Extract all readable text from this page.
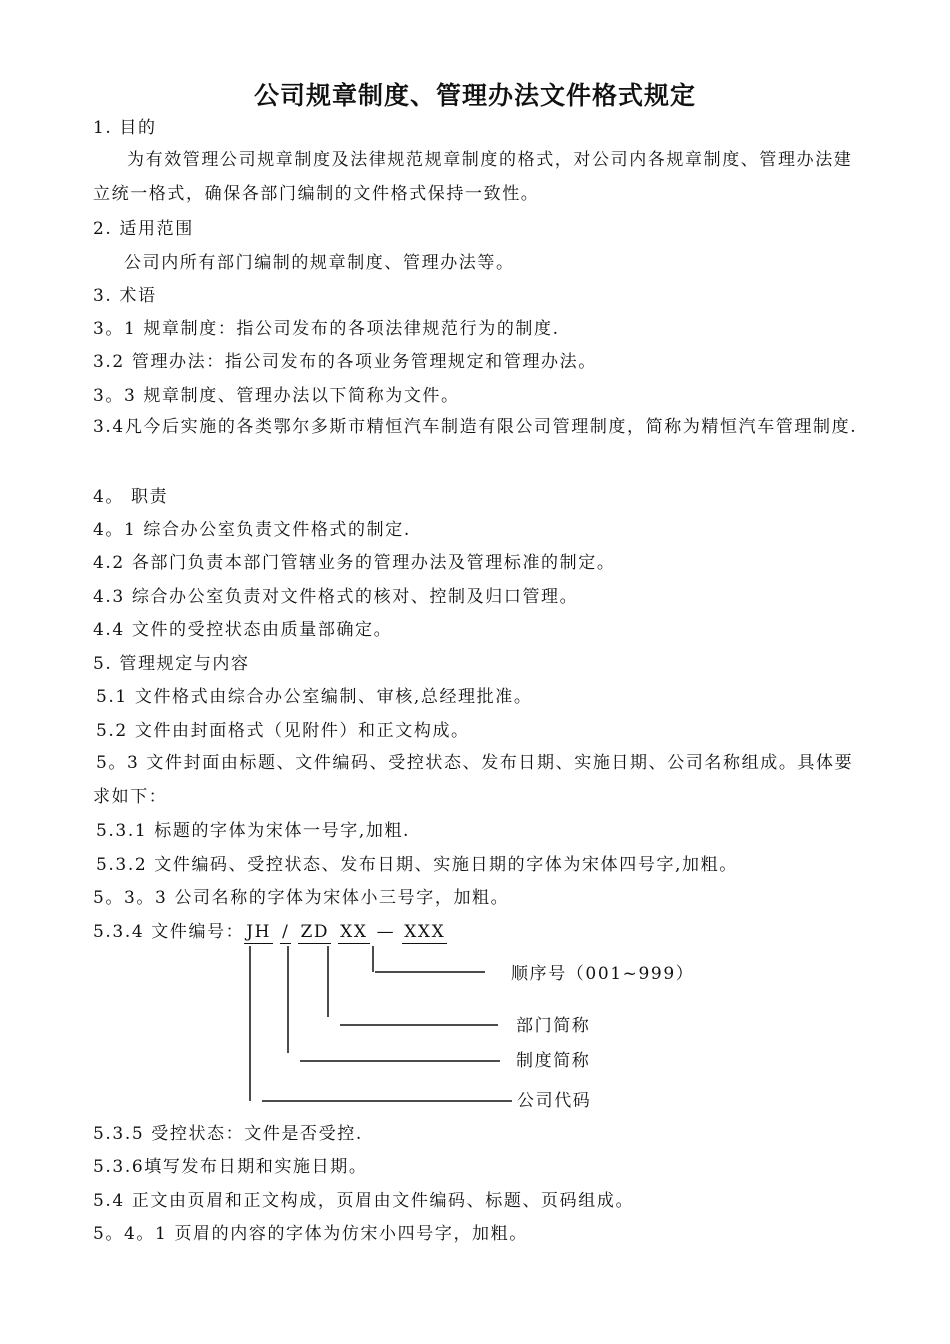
公司规章制度、管理办法文件格式规定
1. 目的
为有效管理公司规章制度及法律规范规章制度的格式，对公司内各规章制度、管理办法建立统一格式，确保各部门编制的文件格式保持一致性。
2. 适用范围
公司内所有部门编制的规章制度、管理办法等。
3. 术语
3。1 规章制度：指公司发布的各项法律规范行为的制度.
3.2 管理办法：指公司发布的各项业务管理规定和管理办法。
3。3 规章制度、管理办法以下简称为文件。
3.4凡今后实施的各类鄂尔多斯市精恒汽车制造有限公司管理制度，简称为精恒汽车管理制度.
4。 职责
4。1 综合办公室负责文件格式的制定.
4.2 各部门负责本部门管辖业务的管理办法及管理标准的制定。
4.3 综合办公室负责对文件格式的核对、控制及归口管理。
4.4 文件的受控状态由质量部确定。
5. 管理规定与内容
5.1 文件格式由综合办公室编制、审核,总经理批准。
5.2 文件由封面格式（见附件）和正文构成。
5。3 文件封面由标题、文件编码、受控状态、发布日期、实施日期、公司名称组成。具体要求如下：
5.3.1 标题的字体为宋体一号字,加粗.
5.3.2 文件编码、受控状态、发布日期、实施日期的字体为宋体四号字,加粗。
5。3。3 公司名称的字体为宋体小三号字，加粗。
5.3.4 文件编号： JH / ZD XX — XXX
顺序号（001~999）
部门简称
制度简称
公司代码
5.3.5 受控状态：文件是否受控.
5.3.6填写发布日期和实施日期。
5.4 正文由页眉和正文构成，页眉由文件编码、标题、页码组成。
5。4。1 页眉的内容的字体为仿宋小四号字，加粗。
